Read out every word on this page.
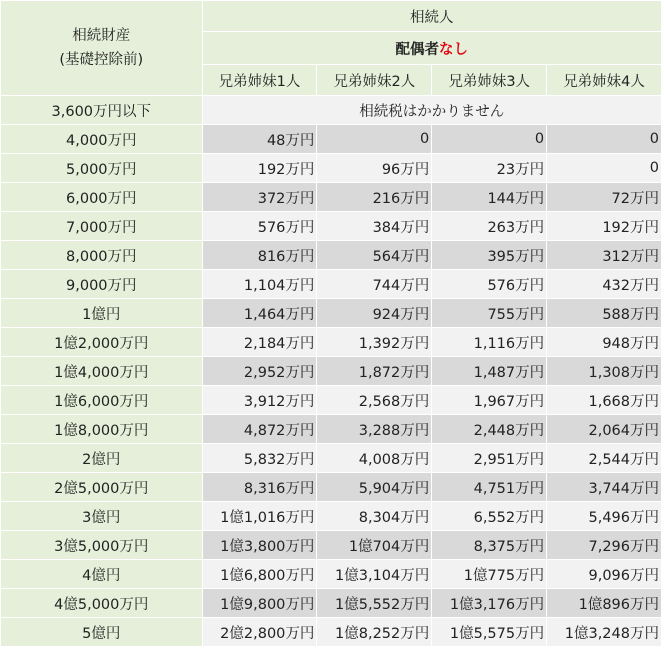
相続財産
(基礎控除前)	相続人			
	配偶者なし			
	兄弟姉妹1人	兄弟姉妹2人	兄弟姉妹3人	兄弟姉妹4人
3,600万円以下	相続税はかかりません			
4,000万円	48万円	0	0	0
5,000万円	192万円	96万円	23万円	0
6,000万円	372万円	216万円	144万円	72万円
7,000万円	576万円	384万円	263万円	192万円
8,000万円	816万円	564万円	395万円	312万円
9,000万円	1,104万円	744万円	576万円	432万円
1億円	1,464万円	924万円	755万円	588万円
1億2,000万円	2,184万円	1,392万円	1,116万円	948万円
1億4,000万円	2,952万円	1,872万円	1,487万円	1,308万円
1億6,000万円	3,912万円	2,568万円	1,967万円	1,668万円
1億8,000万円	4,872万円	3,288万円	2,448万円	2,064万円
2億円	5,832万円	4,008万円	2,951万円	2,544万円
2億5,000万円	8,316万円	5,904万円	4,751万円	3,744万円
3億円	1億1,016万円	8,304万円	6,552万円	5,496万円
3億5,000万円	1億3,800万円	1億704万円	8,375万円	7,296万円
4億円	1億6,800万円	1億3,104万円	1億775万円	9,096万円
4億5,000万円	1億9,800万円	1億5,552万円	1億3,176万円	1億896万円
5億円	2億2,800万円	1億8,252万円	1億5,575万円	1億3,248万円
